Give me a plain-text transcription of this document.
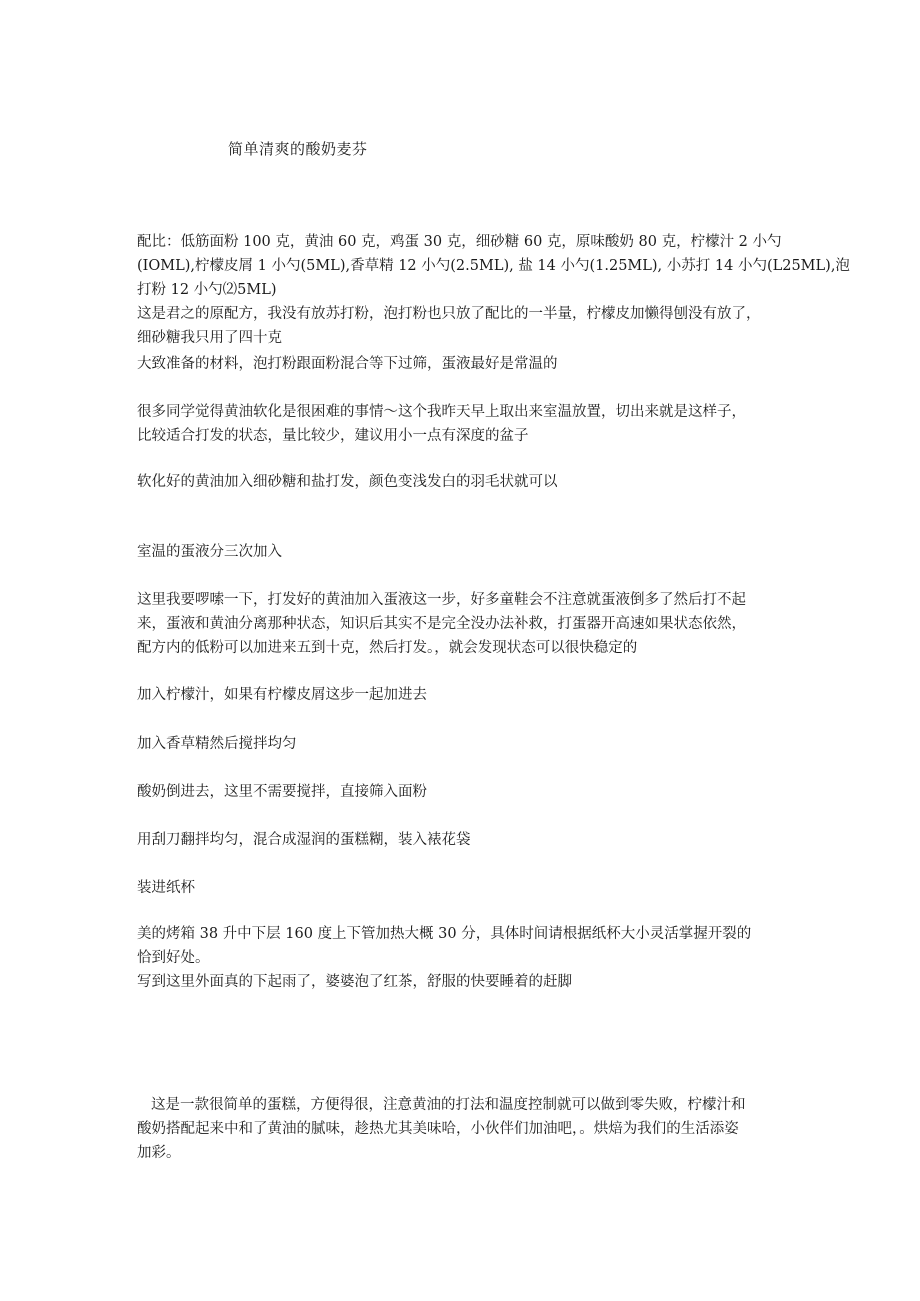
简单清爽的酸奶麦芬
配比：低筋面粉 100 克，黄油 60 克，鸡蛋 30 克，细砂糖 60 克，原味酸奶 80 克，柠檬汁 2 小勺
(IOML),柠檬皮屑 1 小勺(5ML),香草精 12 小勺(2.5ML), 盐 14 小勺(1.25ML), 小苏打 14 小勺(L25ML),泡
打粉 12 小勺⑵5ML)
这是君之的原配方，我没有放苏打粉，泡打粉也只放了配比的一半量，柠檬皮加懒得刨没有放了，
细砂糖我只用了四十克
大致准备的材料，泡打粉跟面粉混合等下过筛，蛋液最好是常温的
很多同学觉得黄油软化是很困难的事情～这个我昨天早上取出来室温放置，切出来就是这样子，
比较适合打发的状态，量比较少，建议用小一点有深度的盆子
软化好的黄油加入细砂糖和盐打发，颜色变浅发白的羽毛状就可以
室温的蛋液分三次加入
这里我要啰嗦一下，打发好的黄油加入蛋液这一步，好多童鞋会不注意就蛋液倒多了然后打不起
来，蛋液和黄油分离那种状态，知识后其实不是完全没办法补救，打蛋器开高速如果状态依然，
配方内的低粉可以加进来五到十克，然后打发。，就会发现状态可以很快稳定的
加入柠檬汁，如果有柠檬皮屑这步一起加进去
加入香草精然后搅拌均匀
酸奶倒进去，这里不需要搅拌，直接筛入面粉
用刮刀翻拌均匀，混合成湿润的蛋糕糊，装入裱花袋
装进纸杯
美的烤箱 38 升中下层 160 度上下管加热大概 30 分，具体时间请根据纸杯大小灵活掌握开裂的
恰到好处。
写到这里外面真的下起雨了，婆婆泡了红茶，舒服的快要睡着的赶脚
这是一款很简单的蛋糕，方便得很，注意黄油的打法和温度控制就可以做到零失败，柠檬汁和
酸奶搭配起来中和了黄油的腻味，趁热尤其美味哈，小伙伴们加油吧，。烘焙为我们的生活添姿
加彩。
